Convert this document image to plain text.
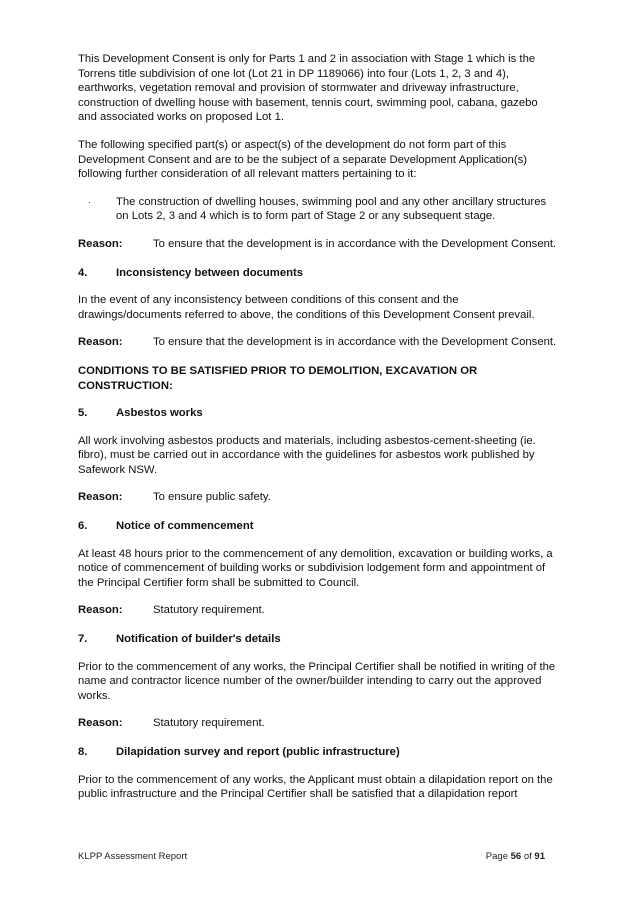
This Development Consent is only for Parts 1 and 2 in association with Stage 1 which is the Torrens title subdivision of one lot (Lot 21 in DP 1189066) into four (Lots 1, 2, 3 and 4), earthworks, vegetation removal and provision of stormwater and driveway infrastructure, construction of dwelling house with basement, tennis court, swimming pool, cabana, gazebo and associated works on proposed Lot 1.

The following specified part(s) or aspect(s) of the development do not form part of this Development Consent and are to be the subject of a separate Development Application(s) following further consideration of all relevant matters pertaining to it:

·	The construction of dwelling houses, swimming pool and any other ancillary structures on Lots 2, 3 and 4 which is to form part of Stage 2 or any subsequent stage.
Reason:	To ensure that the development is in accordance with the Development Consent.
4.	Inconsistency between documents

In the event of any inconsistency between conditions of this consent and the drawings/documents referred to above, the conditions of this Development Consent prevail.

Reason:	To ensure that the development is in accordance with the Development Consent.

CONDITIONS TO BE SATISFIED PRIOR TO DEMOLITION, EXCAVATION OR CONSTRUCTION:

5.	Asbestos works

All work involving asbestos products and materials, including asbestos-cement-sheeting (ie. fibro), must be carried out in accordance with the guidelines for asbestos work published by Safework NSW.

Reason:	To ensure public safety.
6.	Notice of commencement

At least 48 hours prior to the commencement of any demolition, excavation or building works, a notice of commencement of building works or subdivision lodgement form and appointment of the Principal Certifier form shall be submitted to Council.

Reason:	Statutory requirement.
7.	Notification of builder's details

Prior to the commencement of any works, the Principal Certifier shall be notified in writing of the name and contractor licence number of the owner/builder intending to carry out the approved works.

Reason:	Statutory requirement.
8.	Dilapidation survey and report (public infrastructure)

Prior to the commencement of any works, the Applicant must obtain a dilapidation report on the public infrastructure and the Principal Certifier shall be satisfied that a dilapidation report

KLPP Assessment Report	Page 56 of 91
